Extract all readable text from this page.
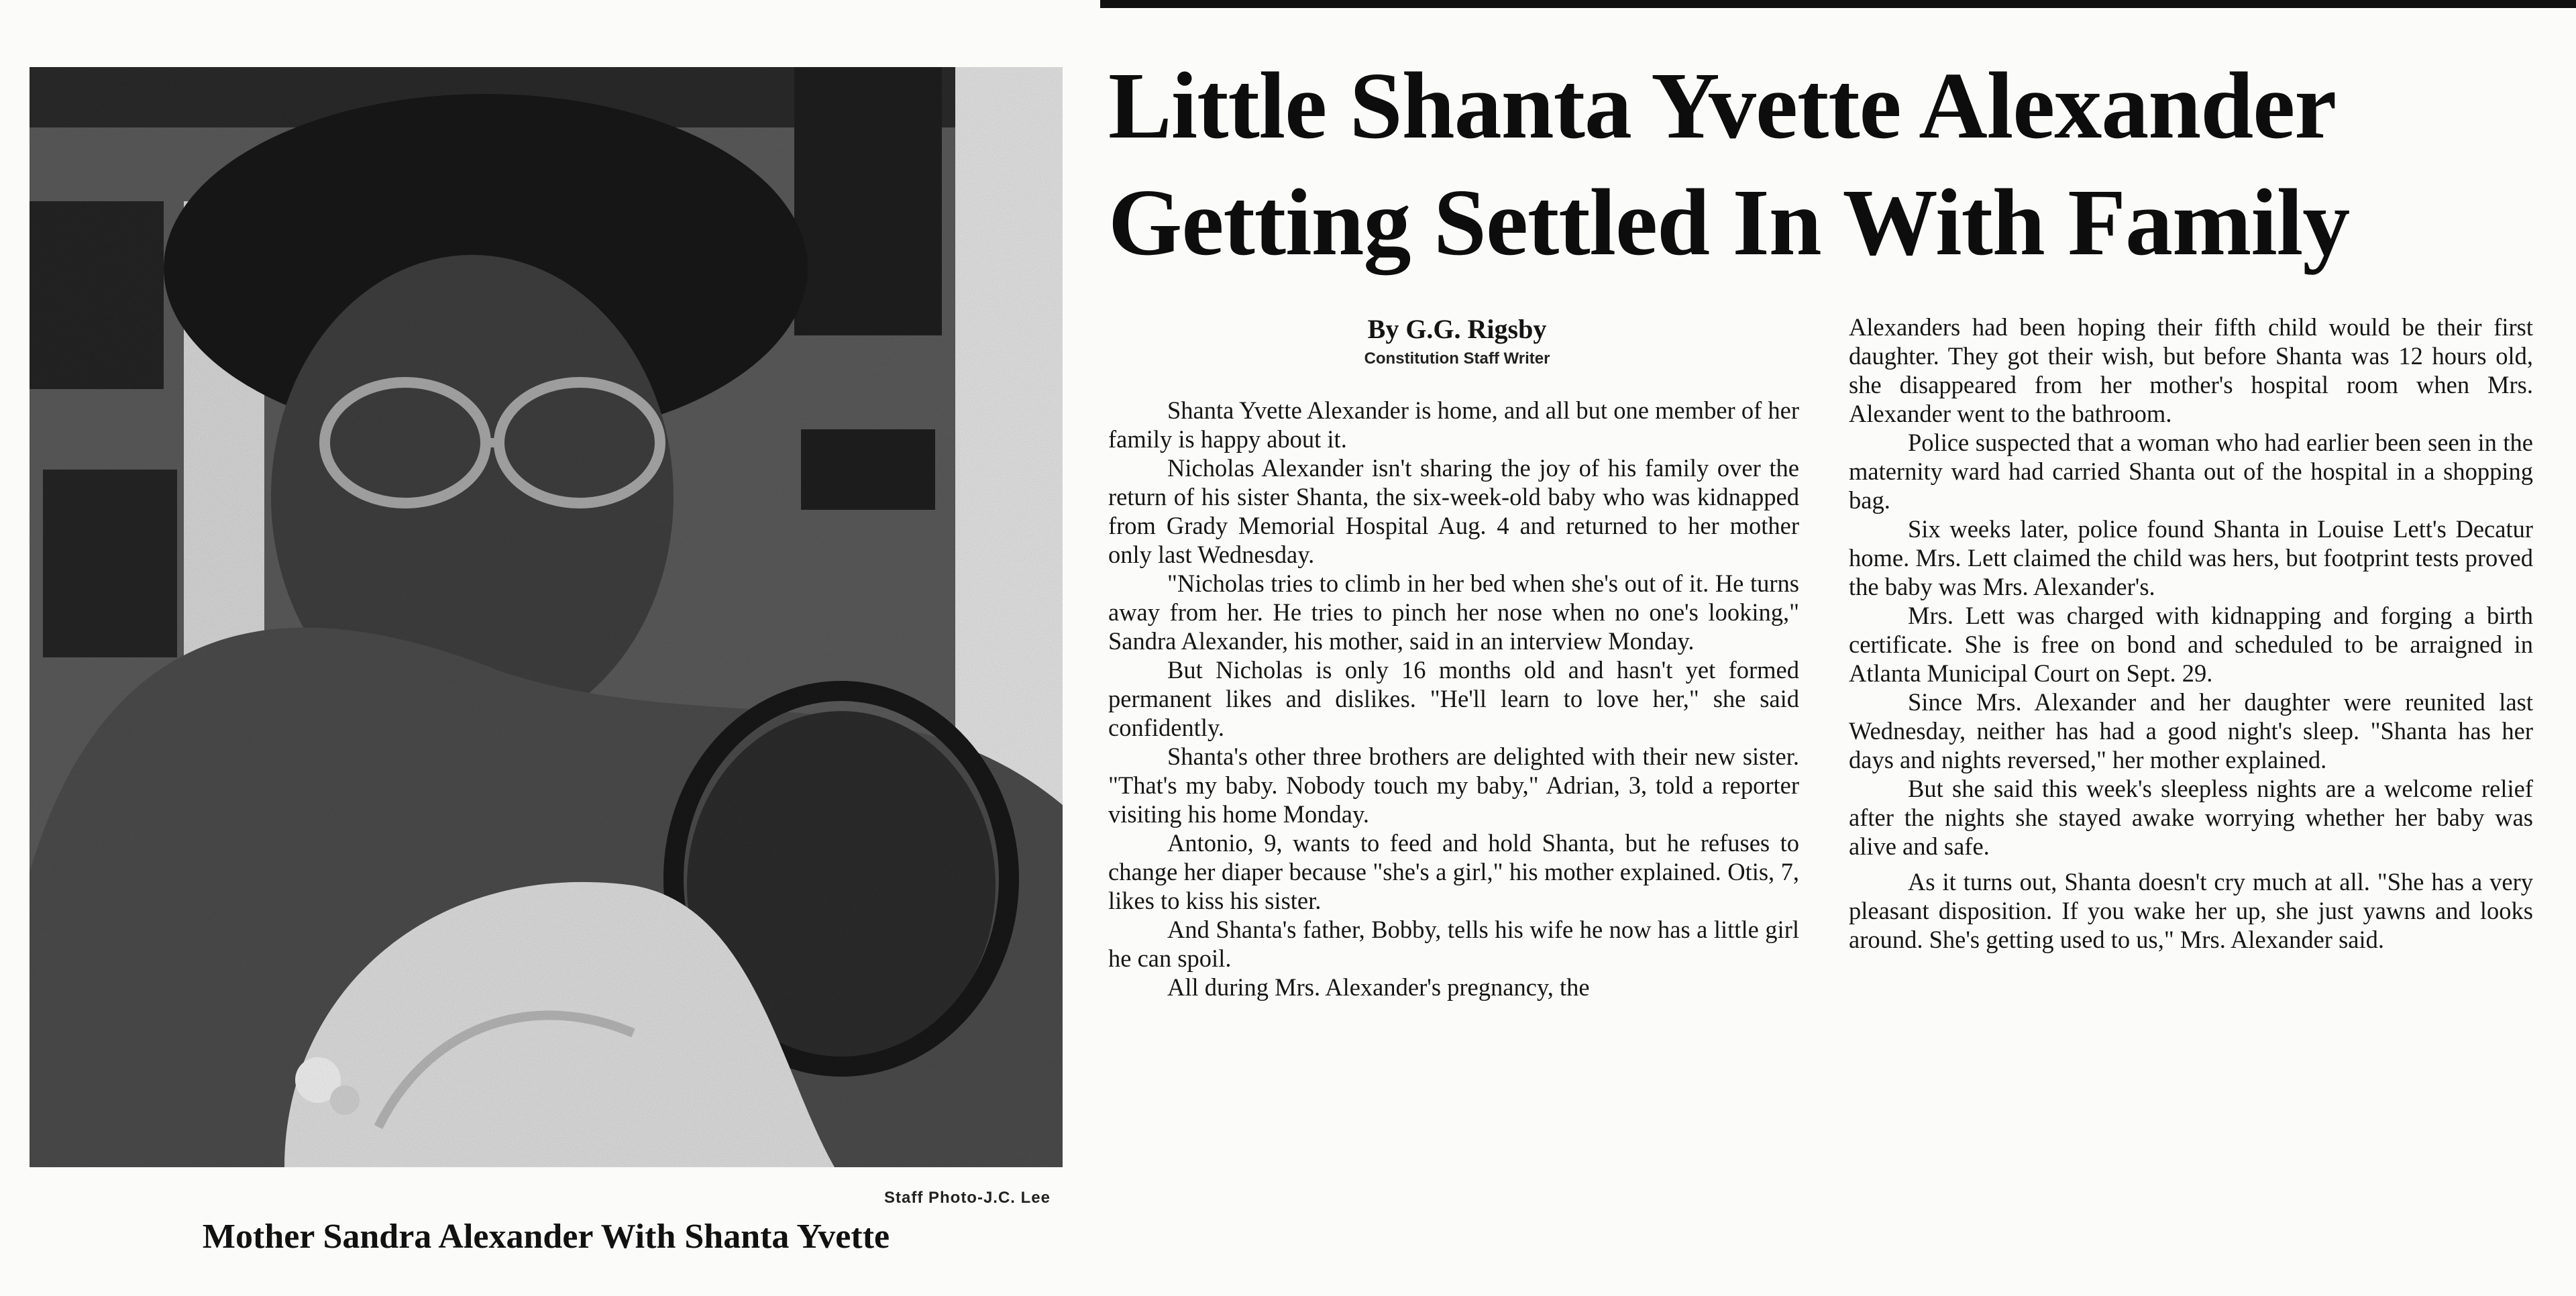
Staff Photo-J.C. Lee
Mother Sandra Alexander With Shanta Yvette
Little Shanta Yvette Alexander
Getting Settled In With Family
By G.G. Rigsby
Constitution Staff Writer

Shanta Yvette Alexander is home, and all but one member of her family is happy about it.

Nicholas Alexander isn't sharing the joy of his family over the return of his sister Shanta, the six-week-old baby who was kidnapped from Grady Memorial Hospital Aug. 4 and returned to her mother only last Wednesday.

"Nicholas tries to climb in her bed when she's out of it. He turns away from her. He tries to pinch her nose when no one's looking," Sandra Alexander, his mother, said in an interview Monday.

But Nicholas is only 16 months old and hasn't yet formed permanent likes and dislikes. "He'll learn to love her," she said confidently.

Shanta's other three brothers are delighted with their new sister. "That's my baby. Nobody touch my baby," Adrian, 3, told a reporter visiting his home Monday.

Antonio, 9, wants to feed and hold Shanta, but he refuses to change her diaper because "she's a girl," his mother explained. Otis, 7, likes to kiss his sister.

And Shanta's father, Bobby, tells his wife he now has a little girl he can spoil.

All during Mrs. Alexander's pregnancy, the

Alexanders had been hoping their fifth child would be their first daughter. They got their wish, but before Shanta was 12 hours old, she disappeared from her mother's hospital room when Mrs. Alexander went to the bathroom.

Police suspected that a woman who had earlier been seen in the maternity ward had carried Shanta out of the hospital in a shopping bag.

Six weeks later, police found Shanta in Louise Lett's Decatur home. Mrs. Lett claimed the child was hers, but footprint tests proved the baby was Mrs. Alexander's.

Mrs. Lett was charged with kidnapping and forging a birth certificate. She is free on bond and scheduled to be arraigned in Atlanta Municipal Court on Sept. 29.

Since Mrs. Alexander and her daughter were reunited last Wednesday, neither has had a good night's sleep. "Shanta has her days and nights reversed," her mother explained.

But she said this week's sleepless nights are a welcome relief after the nights she stayed awake worrying whether her baby was alive and safe.

As it turns out, Shanta doesn't cry much at all. "She has a very pleasant disposition. If you wake her up, she just yawns and looks around. She's getting used to us," Mrs. Alexander said.
